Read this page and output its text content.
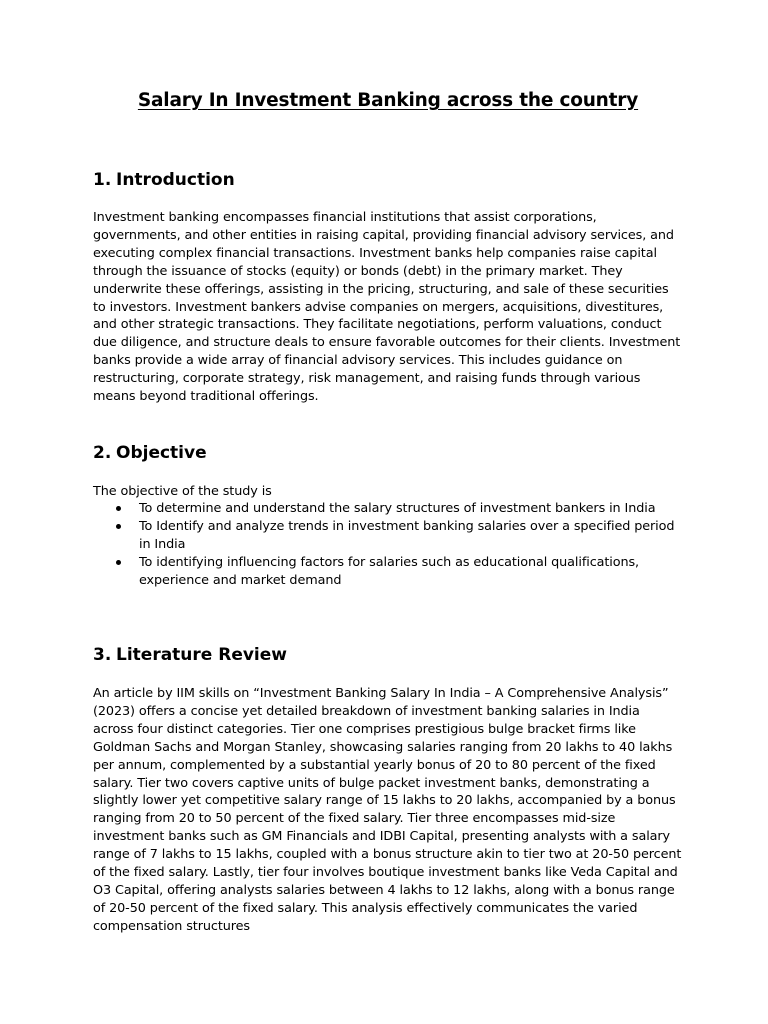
Salary In Investment Banking across the country
1. Introduction

Investment banking encompasses financial institutions that assist corporations, governments, and other entities in raising capital, providing financial advisory services, and executing complex financial transactions. Investment banks help companies raise capital through the issuance of stocks (equity) or bonds (debt) in the primary market. They underwrite these offerings, assisting in the pricing, structuring, and sale of these securities to investors. Investment bankers advise companies on mergers, acquisitions, divestitures, and other strategic transactions. They facilitate negotiations, perform valuations, conduct due diligence, and structure deals to ensure favorable outcomes for their clients. Investment banks provide a wide array of financial advisory services. This includes guidance on restructuring, corporate strategy, risk management, and raising funds through various means beyond traditional offerings.

2. Objective

The objective of the study is

To determine and understand the salary structures of investment bankers in India
To Identify and analyze trends in investment banking salaries over a specified period in India
To identifying influencing factors for salaries such as educational qualifications, experience and market demand
3. Literature Review

An article by IIM skills on “Investment Banking Salary In India – A Comprehensive Analysis” (2023) offers a concise yet detailed breakdown of investment banking salaries in India across four distinct categories. Tier one comprises prestigious bulge bracket firms like Goldman Sachs and Morgan Stanley, showcasing salaries ranging from 20 lakhs to 40 lakhs per annum, complemented by a substantial yearly bonus of 20 to 80 percent of the fixed salary. Tier two covers captive units of bulge packet investment banks, demonstrating a slightly lower yet competitive salary range of 15 lakhs to 20 lakhs, accompanied by a bonus ranging from 20 to 50 percent of the fixed salary. Tier three encompasses mid-size investment banks such as GM Financials and IDBI Capital, presenting analysts with a salary range of 7 lakhs to 15 lakhs, coupled with a bonus structure akin to tier two at 20-50 percent of the fixed salary. Lastly, tier four involves boutique investment banks like Veda Capital and O3 Capital, offering analysts salaries between 4 lakhs to 12 lakhs, along with a bonus range of 20-50 percent of the fixed salary. This analysis effectively communicates the varied compensation structures
